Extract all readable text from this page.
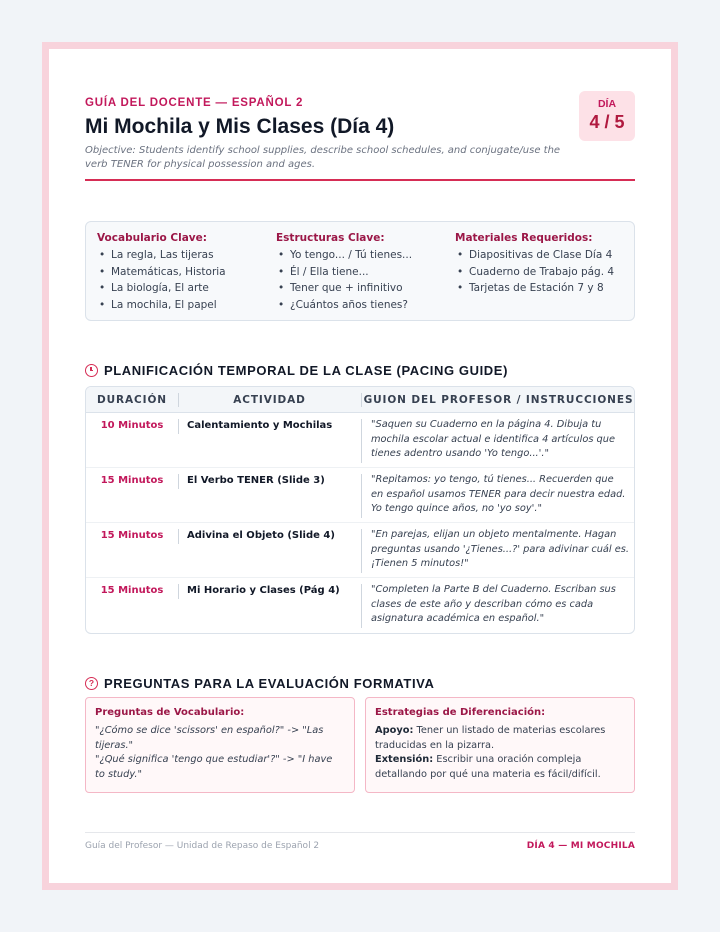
GUÍA DEL DOCENTE — ESPAÑOL 2
Mi Mochila y Mis Clases (Día 4)
Objective: Students identify school supplies, describe school schedules, and conjugate/use the verb TENER for physical possession and ages.
DÍA
4 / 5
Vocabulario Clave:
• La regla, Las tijeras
• Matemáticas, Historia
• La biología, El arte
• La mochila, El papel
Estructuras Clave:
• Yo tengo... / Tú tienes...
• Él / Ella tiene...
• Tener que + infinitivo
• ¿Cuántos años tienes?
Materiales Requeridos:
• Diapositivas de Clase Día 4
• Cuaderno de Trabajo pág. 4
• Tarjetas de Estación 7 y 8
PLANIFICACIÓN TEMPORAL DE LA CLASE (PACING GUIDE)
DURACIÓN	ACTIVIDAD	GUION DEL PROFESOR / INSTRUCCIONES
10 Minutos	Calentamiento y Mochilas	"Saquen su Cuaderno en la página 4. Dibuja tu mochila escolar actual e identifica 4 artículos que tienes adentro usando 'Yo tengo...'."
15 Minutos	El Verbo TENER (Slide 3)	"Repitamos: yo tengo, tú tienes... Recuerden que en español usamos TENER para decir nuestra edad. Yo tengo quince años, no 'yo soy'."
15 Minutos	Adivina el Objeto (Slide 4)	"En parejas, elijan un objeto mentalmente. Hagan preguntas usando '¿Tienes...?' para adivinar cuál es. ¡Tienen 5 minutos!"
15 Minutos	Mi Horario y Clases (Pág 4)	"Completen la Parte B del Cuaderno. Escriban sus clases de este año y describan cómo es cada asignatura académica en español."
? PREGUNTAS PARA LA EVALUACIÓN FORMATIVA
Preguntas de Vocabulario:

"¿Cómo se dice 'scissors' en español?" -> "Las tijeras."

"¿Qué significa 'tengo que estudiar'?" -> "I have to study."

Estrategias de Diferenciación:

Apoyo: Tener un listado de materias escolares traducidas en la pizarra.

Extensión: Escribir una oración compleja detallando por qué una materia es fácil/difícil.

Guía del Profesor — Unidad de Repaso de Español 2	DÍA 4 — MI MOCHILA
